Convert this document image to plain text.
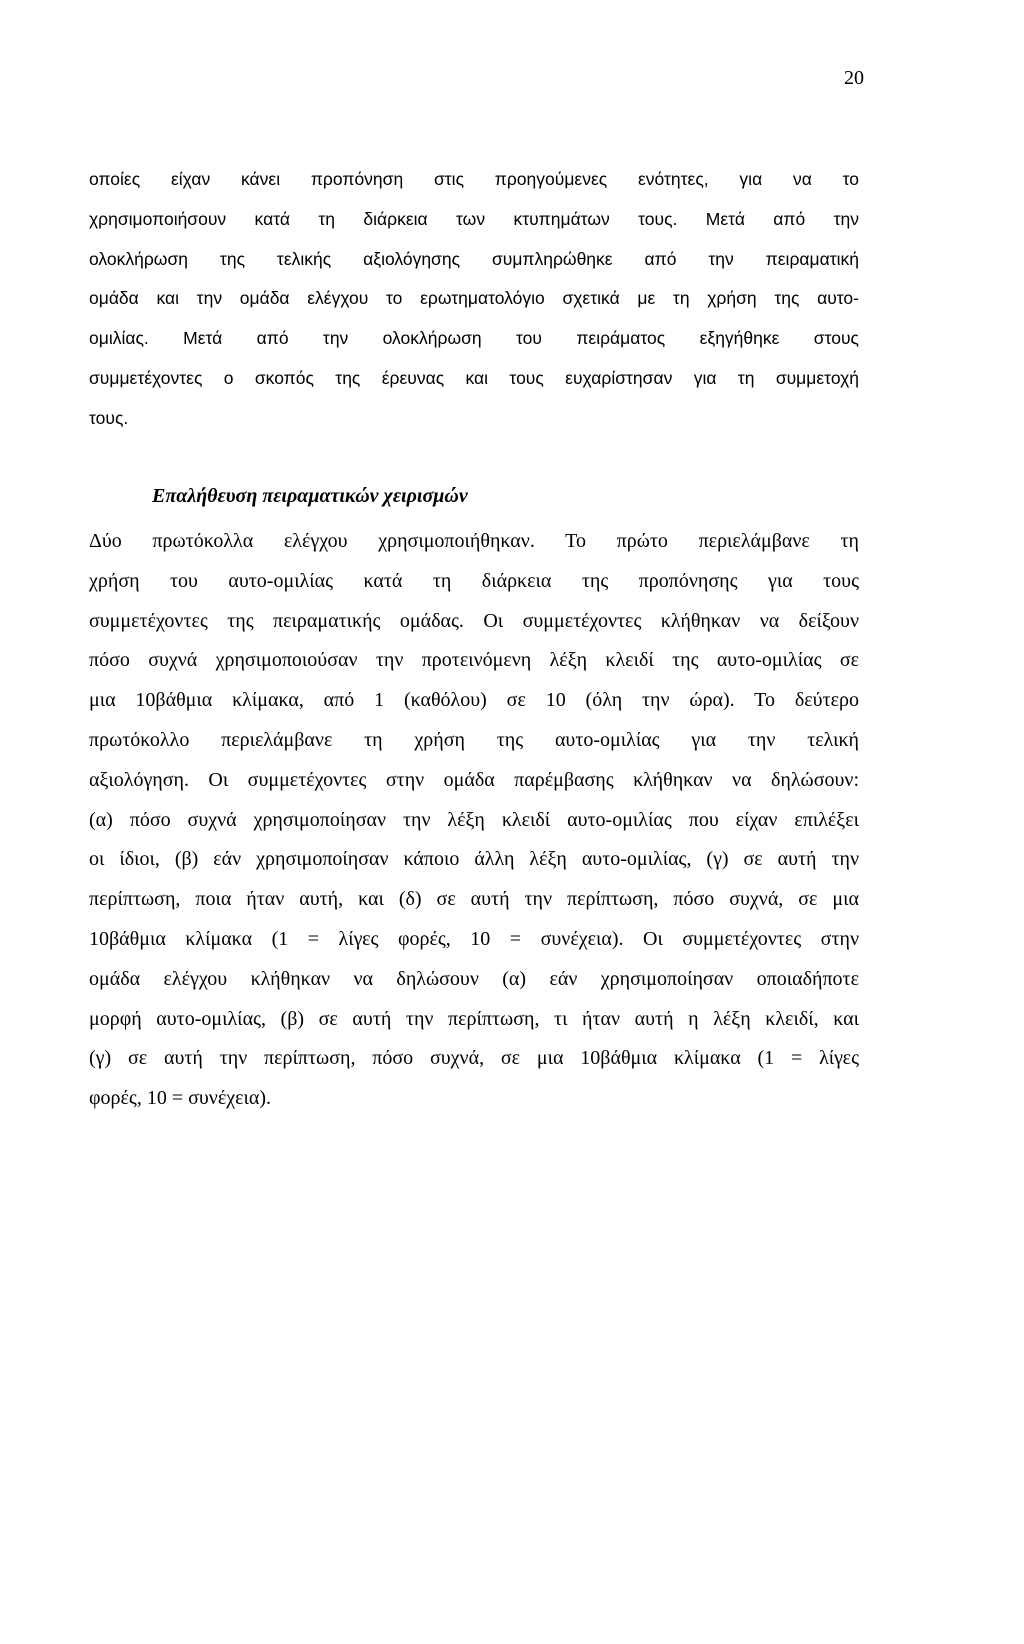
20
οποίες είχαν κάνει προπόνηση στις προηγούμενες ενότητες, για να το
χρησιμοποιήσουν κατά τη διάρκεια των κτυπημάτων τους. Μετά από την
ολοκλήρωση της τελικής αξιολόγησης συμπληρώθηκε από την πειραματική
ομάδα και την ομάδα ελέγχου το ερωτηματολόγιο σχετικά με τη χρήση της αυτο-
ομιλίας. Μετά από την ολοκλήρωση του πειράματος εξηγήθηκε στους
συμμετέχοντες ο σκοπός της έρευνας και τους ευχαρίστησαν για τη συμμετοχή
τους.
Επαλήθευση πειραματικών χειρισμών
Δύο πρωτόκολλα ελέγχου χρησιμοποιήθηκαν. Το πρώτο περιελάμβανε τη
χρήση του αυτο-ομιλίας κατά τη διάρκεια της προπόνησης για τους
συμμετέχοντες της πειραματικής ομάδας. Οι συμμετέχοντες κλήθηκαν να δείξουν
πόσο συχνά χρησιμοποιούσαν την προτεινόμενη λέξη κλειδί της αυτο-ομιλίας σε
μια 10βάθμια κλίμακα, από 1 (καθόλου) σε 10 (όλη την ώρα). Το δεύτερο
πρωτόκολλο περιελάμβανε τη χρήση της αυτο-ομιλίας για την τελική
αξιολόγηση. Οι συμμετέχοντες στην ομάδα παρέμβασης κλήθηκαν να δηλώσουν:
(α) πόσο συχνά χρησιμοποίησαν την λέξη κλειδί αυτο-ομιλίας που είχαν επιλέξει
οι ίδιοι, (β) εάν χρησιμοποίησαν κάποιο άλλη λέξη αυτο-ομιλίας, (γ) σε αυτή την
περίπτωση, ποια ήταν αυτή, και (δ) σε αυτή την περίπτωση, πόσο συχνά, σε μια
10βάθμια κλίμακα (1 = λίγες φορές, 10 = συνέχεια). Οι συμμετέχοντες στην
ομάδα ελέγχου κλήθηκαν να δηλώσουν (α) εάν χρησιμοποίησαν οποιαδήποτε
μορφή αυτο-ομιλίας, (β) σε αυτή την περίπτωση, τι ήταν αυτή η λέξη κλειδί, και
(γ) σε αυτή την περίπτωση, πόσο συχνά, σε μια 10βάθμια κλίμακα (1 = λίγες
φορές, 10 = συνέχεια).
